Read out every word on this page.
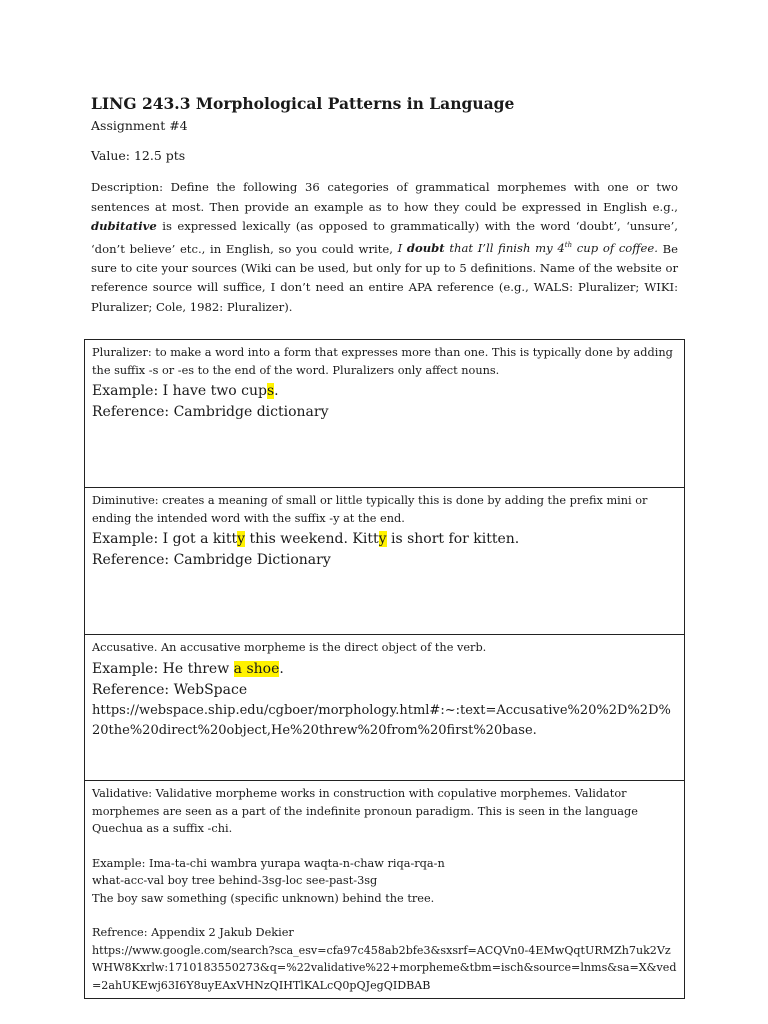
LING 243.3 Morphological Patterns in Language
Assignment #4
Value: 12.5 pts
Description: Define the following 36 categories of grammatical morphemes with one or two sentences at most. Then provide an example as to how they could be expressed in English e.g., dubitative is expressed lexically (as opposed to grammatically) with the word ‘doubt’, ‘unsure’, ‘don’t believe’ etc., in English, so you could write, I doubt that I’ll finish my 4th cup of coffee. Be sure to cite your sources (Wiki can be used, but only for up to 5 definitions. Name of the website or reference source will suffice, I don’t need an entire APA reference (e.g., WALS: Pluralizer; WIKI: Pluralizer; Cole, 1982: Pluralizer).
Pluralizer: to make a word into a form that expresses more than one. This is typically done by adding the suffix -s or -es to the end of the word. Pluralizers only affect nouns.
Example: I have two cups.
Reference: Cambridge dictionary
Diminutive: creates a meaning of small or little typically this is done by adding the prefix mini or ending the intended word with the suffix -y at the end.
Example: I got a kitty this weekend. Kitty is short for kitten.
Reference: Cambridge Dictionary
Accusative. An accusative morpheme is the direct object of the verb.
Example: He threw a shoe.
Reference: WebSpace
https://webspace.ship.edu/cgboer/morphology.html#:~:text=Accusative%20%2D%2D%20the%20direct%20object,He%20threw%20from%20first%20base.
Validative: Validative morpheme works in construction with copulative morphemes. Validator morphemes are seen as a part of the indefinite pronoun paradigm. This is seen in the language Quechua as a suffix -chi.
Example: Ima-ta-chi wambra yurapa waqta-n-chaw riqa-rqa-n
what-acc-val boy tree behind-3sg-loc see-past-3sg
The boy saw something (specific unknown) behind the tree.
Refrence: Appendix 2 Jakub Dekier
https://www.google.com/search?sca_esv=cfa97c458ab2bfe3&sxsrf=ACQVn0-4EMwQqtURMZh7uk2VzWHW8Kxrlw:1710183550273&q=%22validative%22+morpheme&tbm=isch&source=lnms&sa=X&ved=2ahUKEwj63I6Y8uyEAxVHNzQIHTlKALcQ0pQJegQIDBAB
